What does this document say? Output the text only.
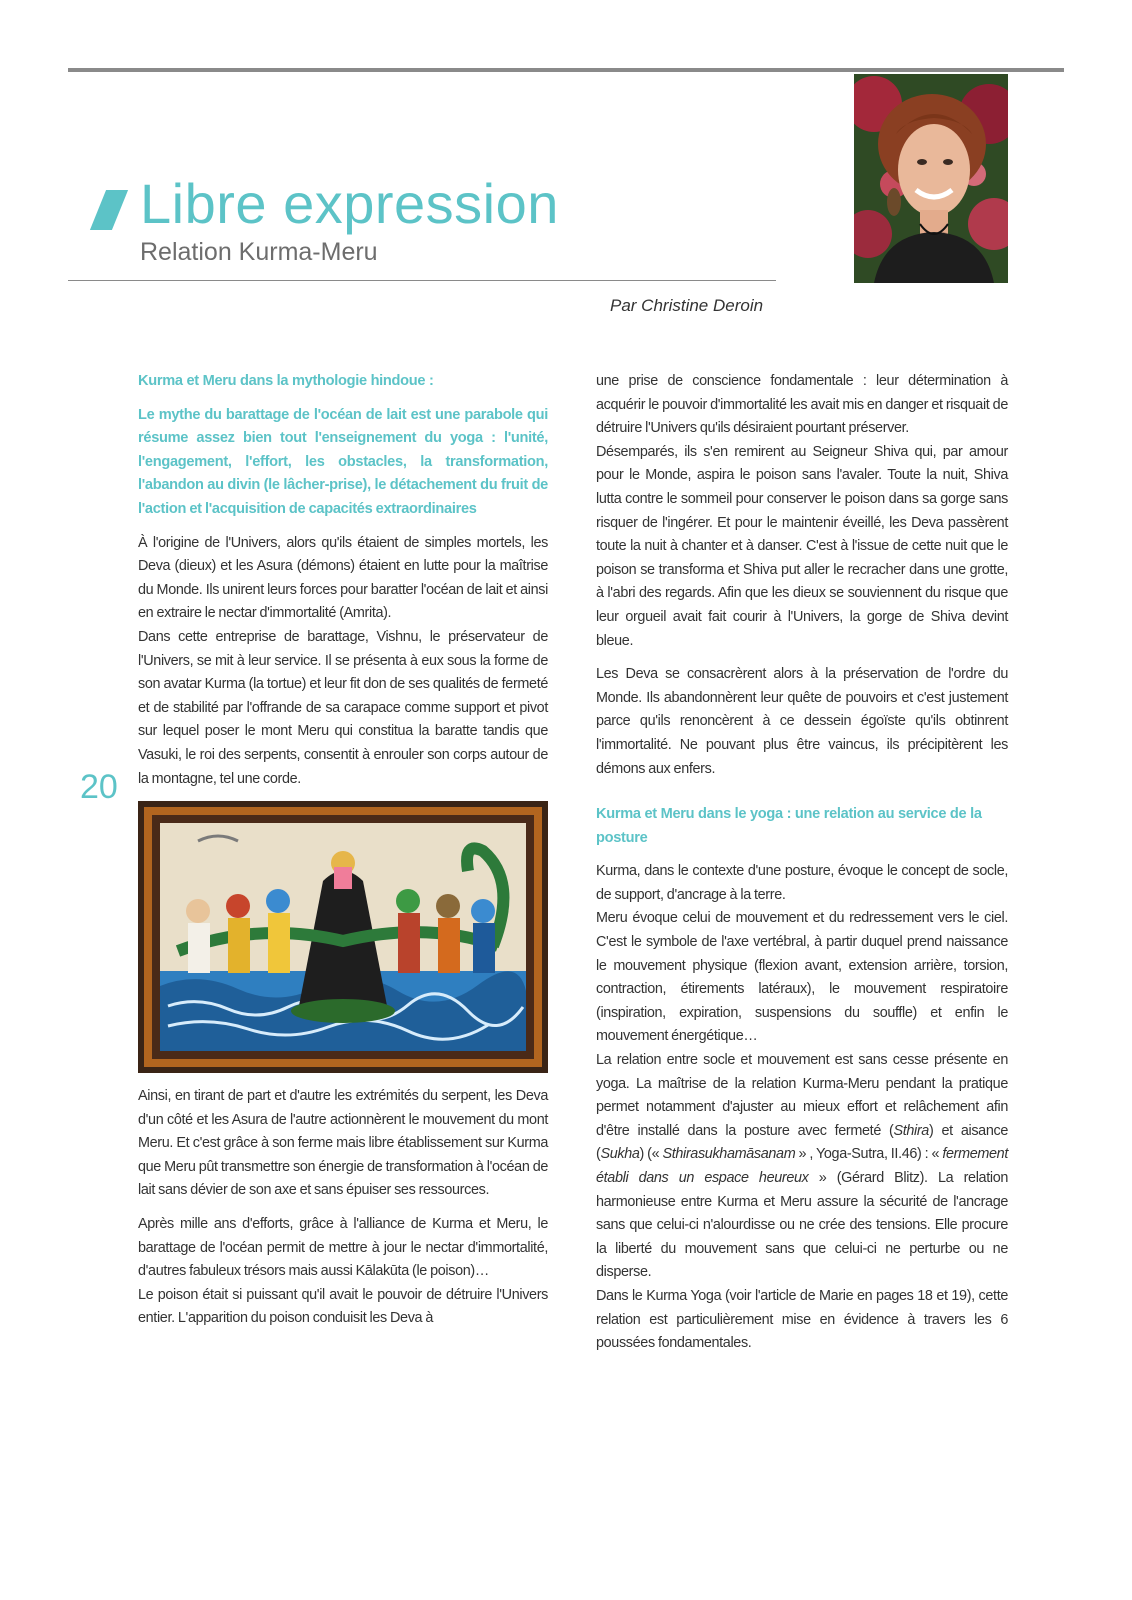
Libre expression
Relation Kurma-Meru
Par Christine Deroin
20
Kurma et Meru dans la mythologie hindoue :

Le mythe du barattage de l'océan de lait est une parabole qui résume assez bien tout l'enseignement du yoga : l'unité, l'engagement, l'effort, les obstacles, la transformation, l'abandon au divin (le lâcher-prise), le détachement du fruit de l'action et l'acquisition de capacités extraordinaires

À l'origine de l'Univers, alors qu'ils étaient de simples mortels, les Deva (dieux) et les Asura (démons) étaient en lutte pour la maîtrise du Monde. Ils unirent leurs forces pour baratter l'océan de lait et ainsi en extraire le nectar d'immortalité (Amrita).

Dans cette entreprise de barattage, Vishnu, le préservateur de l'Univers, se mit à leur service. Il se présenta à eux sous la forme de son avatar Kurma (la tortue) et leur fit don de ses qualités de fermeté et de stabilité par l'offrande de sa carapace comme support et pivot sur lequel poser le mont Meru qui constitua la baratte tandis que Vasuki, le roi des serpents, consentit à enrouler son corps autour de la montagne, tel une corde.

Ainsi, en tirant de part et d'autre les extrémités du serpent, les Deva d'un côté et les Asura de l'autre actionnèrent le mouvement du mont Meru. Et c'est grâce à son ferme mais libre établissement sur Kurma que Meru pût transmettre son énergie de transformation à l'océan de lait sans dévier de son axe et sans épuiser ses ressources.

Après mille ans d'efforts, grâce à l'alliance de Kurma et Meru, le barattage de l'océan permit de mettre à jour le nectar d'immortalité, d'autres fabuleux trésors mais aussi Kālakūta (le poison)…

Le poison était si puissant qu'il avait le pouvoir de détruire l'Univers entier. L'apparition du poison conduisit les Deva à

une prise de conscience fondamentale : leur détermination à acquérir le pouvoir d'immortalité les avait mis en danger et risquait de détruire l'Univers qu'ils désiraient pourtant préserver.

Désemparés, ils s'en remirent au Seigneur Shiva qui, par amour pour le Monde, aspira le poison sans l'avaler. Toute la nuit, Shiva lutta contre le sommeil pour conserver le poison dans sa gorge sans risquer de l'ingérer. Et pour le maintenir éveillé, les Deva passèrent toute la nuit à chanter et à danser. C'est à l'issue de cette nuit que le poison se transforma et Shiva put aller le recracher dans une grotte, à l'abri des regards. Afin que les dieux se souviennent du risque que leur orgueil avait fait courir à l'Univers, la gorge de Shiva devint bleue.

Les Deva se consacrèrent alors à la préservation de l'ordre du Monde. Ils abandonnèrent leur quête de pouvoirs et c'est justement parce qu'ils renoncèrent à ce dessein égoïste qu'ils obtinrent l'immortalité. Ne pouvant plus être vaincus, ils précipitèrent les démons aux enfers.

Kurma et Meru dans le yoga : une relation au service de la posture

Kurma, dans le contexte d'une posture, évoque le concept de socle, de support, d'ancrage à la terre.

Meru évoque celui de mouvement et du redressement vers le ciel. C'est le symbole de l'axe vertébral, à partir duquel prend naissance le mouvement physique (flexion avant, extension arrière, torsion, contraction, étirements latéraux), le mouvement respiratoire (inspiration, expiration, suspensions du souffle) et enfin le mouvement énergétique…

La relation entre socle et mouvement est sans cesse présente en yoga. La maîtrise de la relation Kurma-Meru pendant la pratique permet notamment d'ajuster au mieux effort et relâchement afin d'être installé dans la posture avec fermeté (Sthira) et aisance (Sukha) (« Sthirasukhamāsanam » , Yoga-Sutra, II.46) : « fermement établi dans un espace heureux » (Gérard Blitz). La relation harmonieuse entre Kurma et Meru assure la sécurité de l'ancrage sans que celui-ci n'alourdisse ou ne crée des tensions. Elle procure la liberté du mouvement sans que celui-ci ne perturbe ou ne disperse.

Dans le Kurma Yoga (voir l'article de Marie en pages 18 et 19), cette relation est particulièrement mise en évidence à travers les 6 poussées fondamentales.
